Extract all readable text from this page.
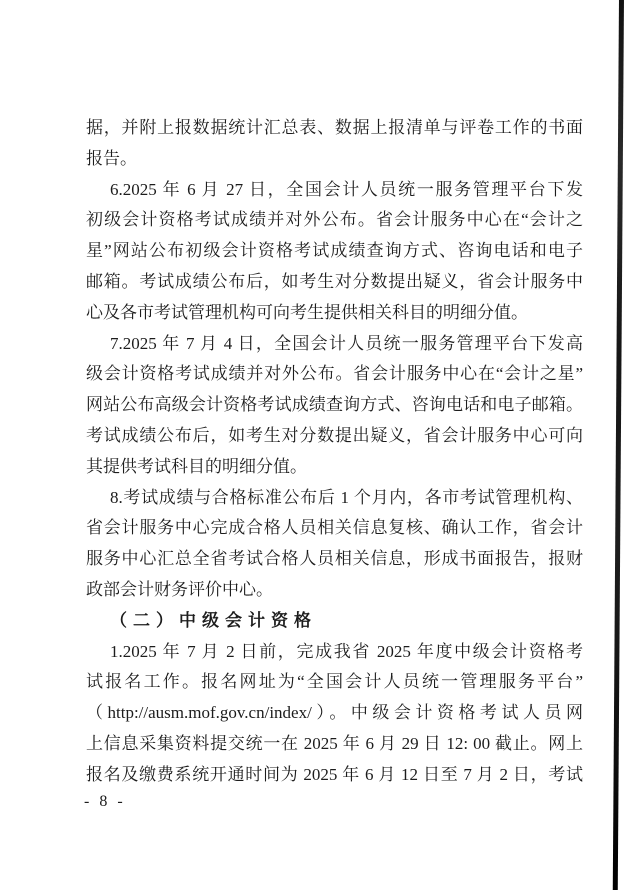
据，并附上报数据统计汇总表、数据上报清单与评卷工作的书面
报告。
6.2025 年 6 月 27 日，全国会计人员统一服务管理平台下发
初级会计资格考试成绩并对外公布。省会计服务中心在“会计之
星”网站公布初级会计资格考试成绩查询方式、咨询电话和电子
邮箱。考试成绩公布后，如考生对分数提出疑义，省会计服务中
心及各市考试管理机构可向考生提供相关科目的明细分值。
7.2025 年 7 月 4 日，全国会计人员统一服务管理平台下发高
级会计资格考试成绩并对外公布。省会计服务中心在“会计之星”
网站公布高级会计资格考试成绩查询方式、咨询电话和电子邮箱。
考试成绩公布后，如考生对分数提出疑义，省会计服务中心可向
其提供考试科目的明细分值。
8.考试成绩与合格标准公布后 1 个月内，各市考试管理机构、
省会计服务中心完成合格人员相关信息复核、确认工作，省会计
服务中心汇总全省考试合格人员相关信息，形成书面报告，报财
政部会计财务评价中心。
（二）中级会计资格
1.2025 年 7 月 2 日前，完成我省 2025 年度中级会计资格考
试报名工作。报名网址为“全国会计人员统一管理服务平台”
（http://ausm.mof.gov.cn/index/）。中级会计资格考试人员网
上信息采集资料提交统一在 2025 年 6 月 29 日 12: 00 截止。网上
报名及缴费系统开通时间为 2025 年 6 月 12 日至 7 月 2 日，考试
- 8 -
